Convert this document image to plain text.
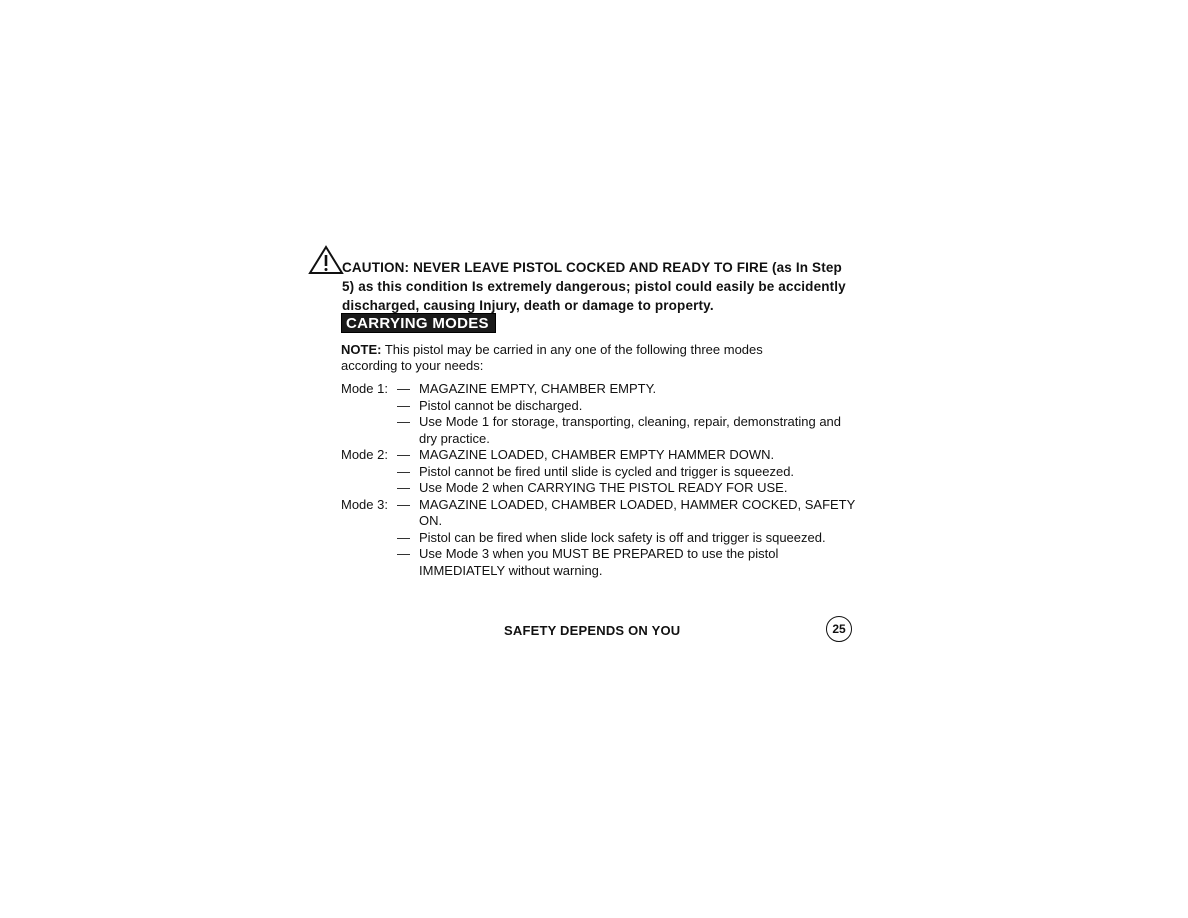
CAUTION: NEVER LEAVE PISTOL COCKED AND READY TO FIRE (as In Step 5) as this condition Is extremely dangerous; pistol could easily be accidently discharged, causing Injury, death or damage to property.
CARRYING MODES
NOTE: This pistol may be carried in any one of the following three modes according to your needs:
Mode 1: — MAGAZINE EMPTY, CHAMBER EMPTY.
— Pistol cannot be discharged.
— Use Mode 1 for storage, transporting, cleaning, repair, demonstrating and dry practice.
Mode 2: — MAGAZINE LOADED, CHAMBER EMPTY HAMMER DOWN.
— Pistol cannot be fired until slide is cycled and trigger is squeezed.
— Use Mode 2 when CARRYING THE PISTOL READY FOR USE.
Mode 3: — MAGAZINE LOADED, CHAMBER LOADED, HAMMER COCKED, SAFETY ON.
— Pistol can be fired when slide lock safety is off and trigger is squeezed.
— Use Mode 3 when you MUST BE PREPARED to use the pistol IMMEDIATELY without warning.
SAFETY DEPENDS ON YOU	25
